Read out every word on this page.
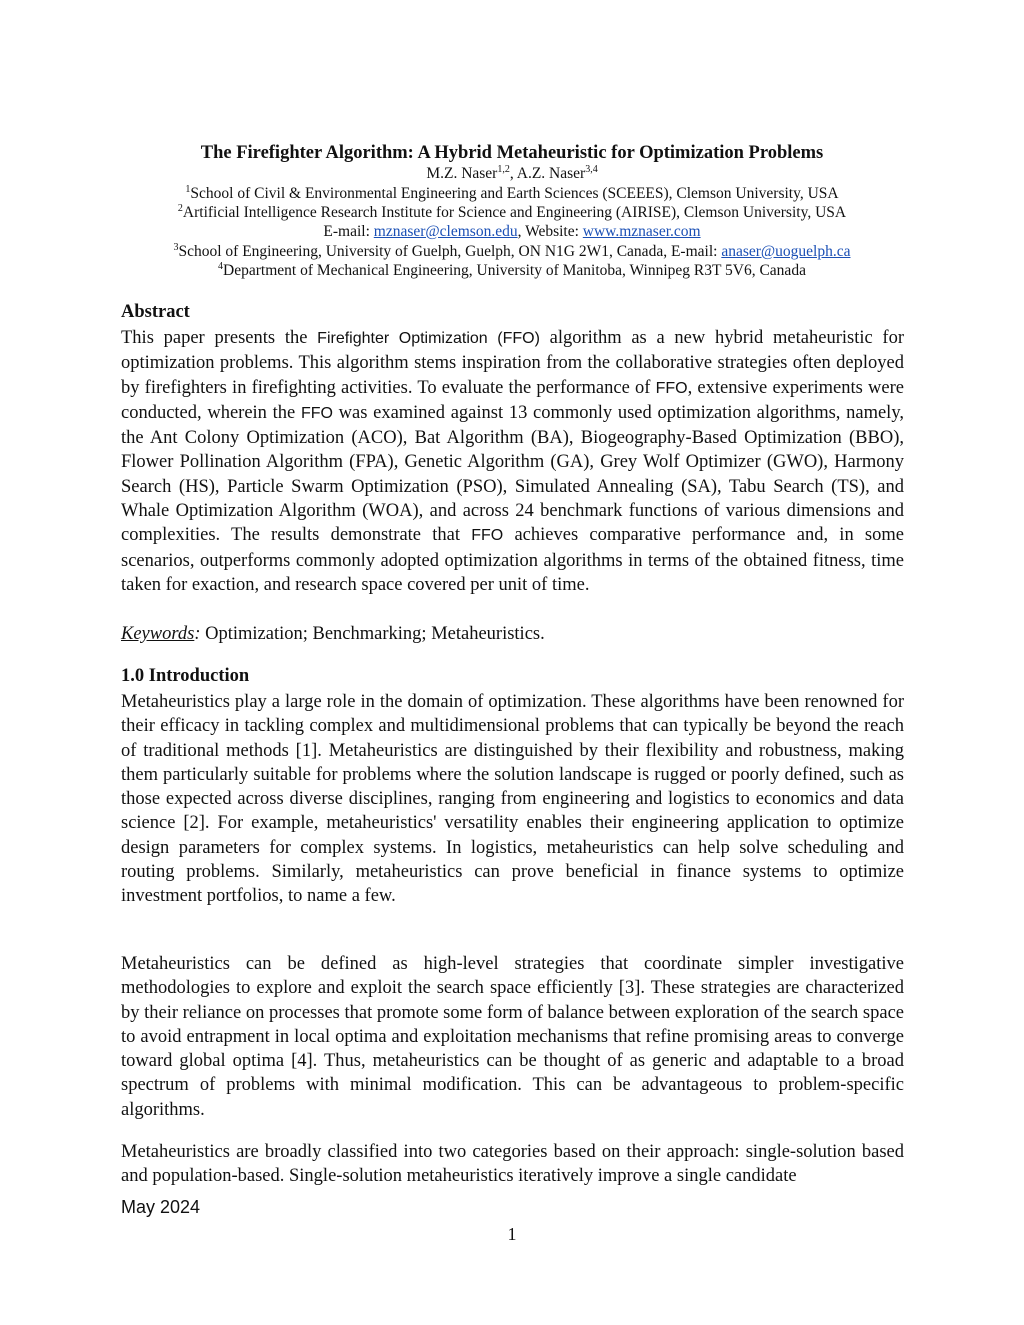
The Firefighter Algorithm: A Hybrid Metaheuristic for Optimization Problems
M.Z. Naser$^{1,2}$, A.Z. Naser$^{3,4}$
$^1$School of Civil & Environmental Engineering and Earth Sciences (SCEEES), Clemson University, USA
$^2$Artificial Intelligence Research Institute for Science and Engineering (AIRISE), Clemson University, USA
E-mail: mznaser@clemson.edu, Website: www.mznaser.com
$^3$School of Engineering, University of Guelph, Guelph, ON N1G 2W1, Canada, E-mail: anaser@uoguelph.ca
$^4$Department of Mechanical Engineering, University of Manitoba, Winnipeg R3T 5V6, Canada
Abstract

This paper presents the Firefighter Optimization (FFO) algorithm as a new hybrid metaheuristic for optimization problems. This algorithm stems inspiration from the collaborative strategies often deployed by firefighters in firefighting activities. To evaluate the performance of FFO, extensive experiments were conducted, wherein the FFO was examined against 13 commonly used optimization algorithms, namely, the Ant Colony Optimization (ACO), Bat Algorithm (BA), Biogeography-Based Optimization (BBO), Flower Pollination Algorithm (FPA), Genetic Algorithm (GA), Grey Wolf Optimizer (GWO), Harmony Search (HS), Particle Swarm Optimization (PSO), Simulated Annealing (SA), Tabu Search (TS), and Whale Optimization Algorithm (WOA), and across 24 benchmark functions of various dimensions and complexities. The results demonstrate that FFO achieves comparative performance and, in some scenarios, outperforms commonly adopted optimization algorithms in terms of the obtained fitness, time taken for exaction, and research space covered per unit of time.

Keywords: Optimization; Benchmarking; Metaheuristics.
1.0 Introduction
Metaheuristics play a large role in the domain of optimization. These algorithms have been renowned for their efficacy in tackling complex and multidimensional problems that can typically be beyond the reach of traditional methods [1]. Metaheuristics are distinguished by their flexibility and robustness, making them particularly suitable for problems where the solution landscape is rugged or poorly defined, such as those expected across diverse disciplines, ranging from engineering and logistics to economics and data science [2]. For example, metaheuristics' versatility enables their engineering application to optimize design parameters for complex systems. In logistics, metaheuristics can help solve scheduling and routing problems. Similarly, metaheuristics can prove beneficial in finance systems to optimize investment portfolios, to name a few.
Metaheuristics can be defined as high-level strategies that coordinate simpler investigative methodologies to explore and exploit the search space efficiently [3]. These strategies are characterized by their reliance on processes that promote some form of balance between exploration of the search space to avoid entrapment in local optima and exploitation mechanisms that refine promising areas to converge toward global optima [4]. Thus, metaheuristics can be thought of as generic and adaptable to a broad spectrum of problems with minimal modification. This can be advantageous to problem-specific algorithms.
Metaheuristics are broadly classified into two categories based on their approach: single-solution based and population-based. Single-solution metaheuristics iteratively improve a single candidate
May 2024
1
